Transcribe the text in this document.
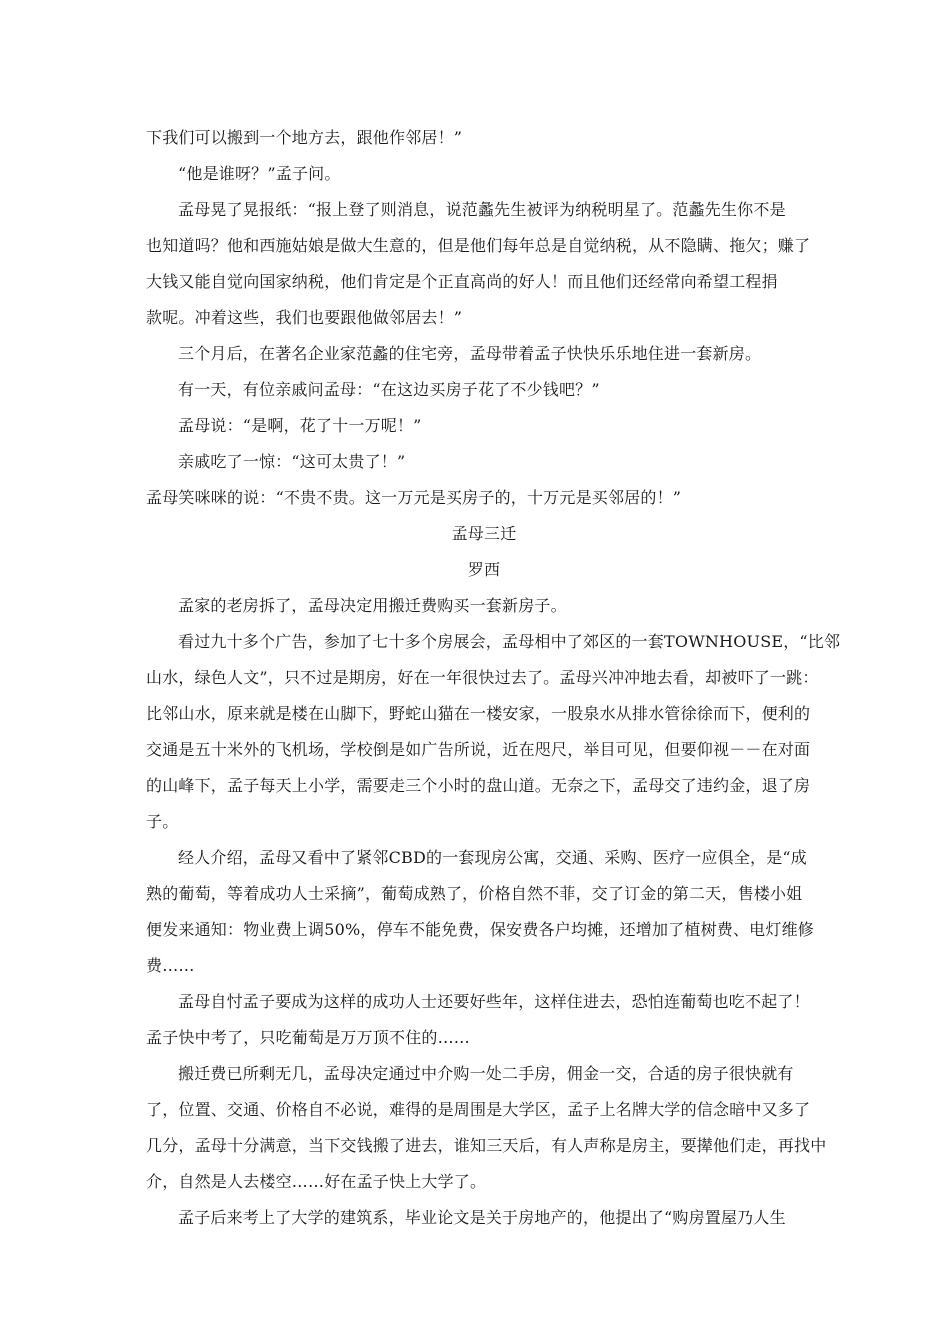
下我们可以搬到一个地方去，跟他作邻居！”
“他是谁呀？”孟子问。
孟母晃了晃报纸：“报上登了则消息，说范蠡先生被评为纳税明星了。范蠡先生你不是
也知道吗？他和西施姑娘是做大生意的，但是他们每年总是自觉纳税，从不隐瞒、拖欠；赚了
大钱又能自觉向国家纳税，他们肯定是个正直高尚的好人！而且他们还经常向希望工程捐
款呢。冲着这些，我们也要跟他做邻居去！”
三个月后，在著名企业家范蠡的住宅旁，孟母带着孟子快快乐乐地住进一套新房。
有一天，有位亲戚问孟母：“在这边买房子花了不少钱吧？”
孟母说：“是啊，花了十一万呢！”
亲戚吃了一惊：“这可太贵了！”
孟母笑咪咪的说：“不贵不贵。这一万元是买房子的，十万元是买邻居的！”
孟母三迁
罗西
孟家的老房拆了，孟母决定用搬迁费购买一套新房子。
看过九十多个广告，参加了七十多个房展会，孟母相中了郊区的一套TOWNHOUSE，“比邻
山水，绿色人文”，只不过是期房，好在一年很快过去了。孟母兴冲冲地去看，却被吓了一跳：
比邻山水，原来就是楼在山脚下，野蛇山猫在一楼安家，一股泉水从排水管徐徐而下，便利的
交通是五十米外的飞机场，学校倒是如广告所说，近在咫尺，举目可见，但要仰视－－在对面
的山峰下，孟子每天上小学，需要走三个小时的盘山道。无奈之下，孟母交了违约金，退了房
子。
经人介绍，孟母又看中了紧邻CBD的一套现房公寓，交通、采购、医疗一应俱全，是“成
熟的葡萄，等着成功人士采摘”，葡萄成熟了，价格自然不菲，交了订金的第二天，售楼小姐
便发来通知：物业费上调50%，停车不能免费，保安费各户均摊，还增加了植树费、电灯维修
费……
孟母自忖孟子要成为这样的成功人士还要好些年，这样住进去，恐怕连葡萄也吃不起了！
孟子快中考了，只吃葡萄是万万顶不住的……
搬迁费已所剩无几，孟母决定通过中介购一处二手房，佣金一交，合适的房子很快就有
了，位置、交通、价格自不必说，难得的是周围是大学区，孟子上名牌大学的信念暗中又多了
几分，孟母十分满意，当下交钱搬了进去，谁知三天后，有人声称是房主，要撵他们走，再找中
介，自然是人去楼空……好在孟子快上大学了。
孟子后来考上了大学的建筑系，毕业论文是关于房地产的，他提出了“购房置屋乃人生
